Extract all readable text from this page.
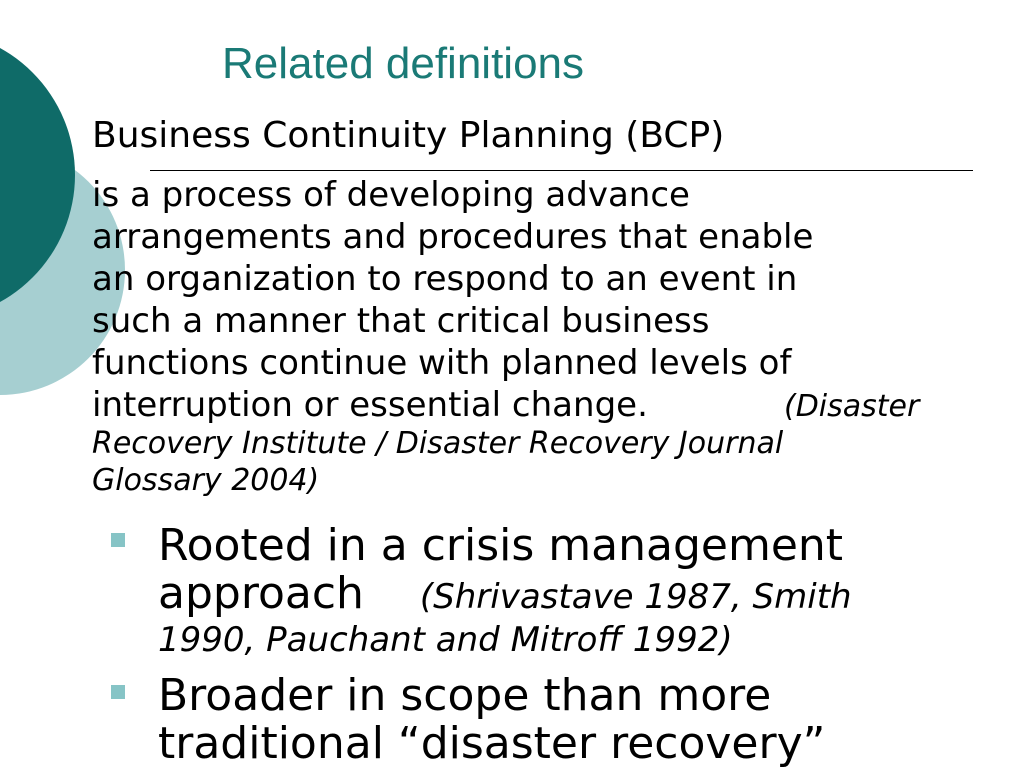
Related definitions
Business Continuity Planning (BCP)
is a process of developing advance
arrangements and procedures that enable
an organization to respond to an event in
such a manner that critical business
functions continue with planned levels of
interruption or essential change.	(Disaster
Recovery Institute / Disaster Recovery Journal
Glossary 2004)
Rooted in a crisis management
approach (Shrivastave 1987, Smith
1990, Pauchant and Mitroff 1992)
Broader in scope than more
traditional “disaster recovery”
